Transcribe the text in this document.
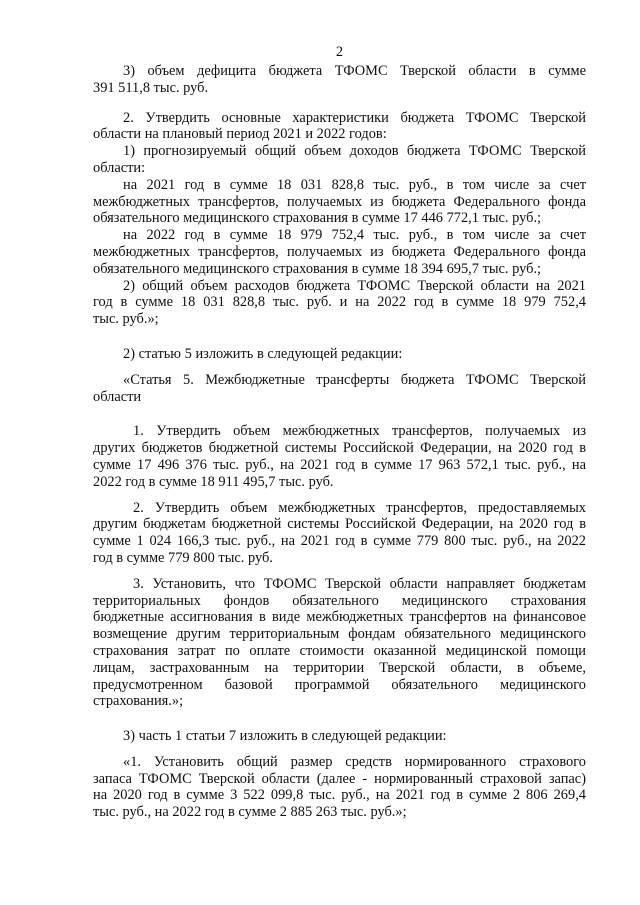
2
3) объем дефицита бюджета ТФОМС Тверской области в сумме
391 511,8 тыс. руб.
2. Утвердить основные характеристики бюджета ТФОМС Тверской
области на плановый период 2021 и 2022 годов:
1) прогнозируемый общий объем доходов бюджета ТФОМС Тверской
области:
на 2021 год в сумме 18 031 828,8 тыс. руб., в том числе за счет
межбюджетных трансфертов, получаемых из бюджета Федерального фонда
обязательного медицинского страхования в сумме 17 446 772,1 тыс. руб.;
на 2022 год в сумме 18 979 752,4 тыс. руб., в том числе за счет
межбюджетных трансфертов, получаемых из бюджета Федерального фонда
обязательного медицинского страхования в сумме 18 394 695,7 тыс. руб.;
2) общий объем расходов бюджета ТФОМС Тверской области на 2021
год в сумме 18 031 828,8 тыс. руб. и на 2022 год в сумме 18 979 752,4
тыс. руб.»;
2) статью 5 изложить в следующей редакции:
«Статья 5. Межбюджетные трансферты бюджета ТФОМС Тверской
области
1. Утвердить объем межбюджетных трансфертов, получаемых из
других бюджетов бюджетной системы Российской Федерации, на 2020 год в
сумме 17 496 376 тыс. руб., на 2021 год в сумме 17 963 572,1 тыс. руб., на
2022 год в сумме 18 911 495,7 тыс. руб.
2. Утвердить объем межбюджетных трансфертов, предоставляемых
другим бюджетам бюджетной системы Российской Федерации, на 2020 год в
сумме 1 024 166,3 тыс. руб., на 2021 год в сумме 779 800 тыс. руб., на 2022
год в сумме 779 800 тыс. руб.
3. Установить, что ТФОМС Тверской области направляет бюджетам
территориальных фондов обязательного медицинского страхования
бюджетные ассигнования в виде межбюджетных трансфертов на финансовое
возмещение другим территориальным фондам обязательного медицинского
страхования затрат по оплате стоимости оказанной медицинской помощи
лицам, застрахованным на территории Тверской области, в объеме,
предусмотренном базовой программой обязательного медицинского
страхования.»;
3) часть 1 статьи 7 изложить в следующей редакции:
«1. Установить общий размер средств нормированного страхового
запаса ТФОМС Тверской области (далее - нормированный страховой запас)
на 2020 год в сумме 3 522 099,8 тыс. руб., на 2021 год в сумме 2 806 269,4
тыс. руб., на 2022 год в сумме 2 885 263 тыс. руб.»;
